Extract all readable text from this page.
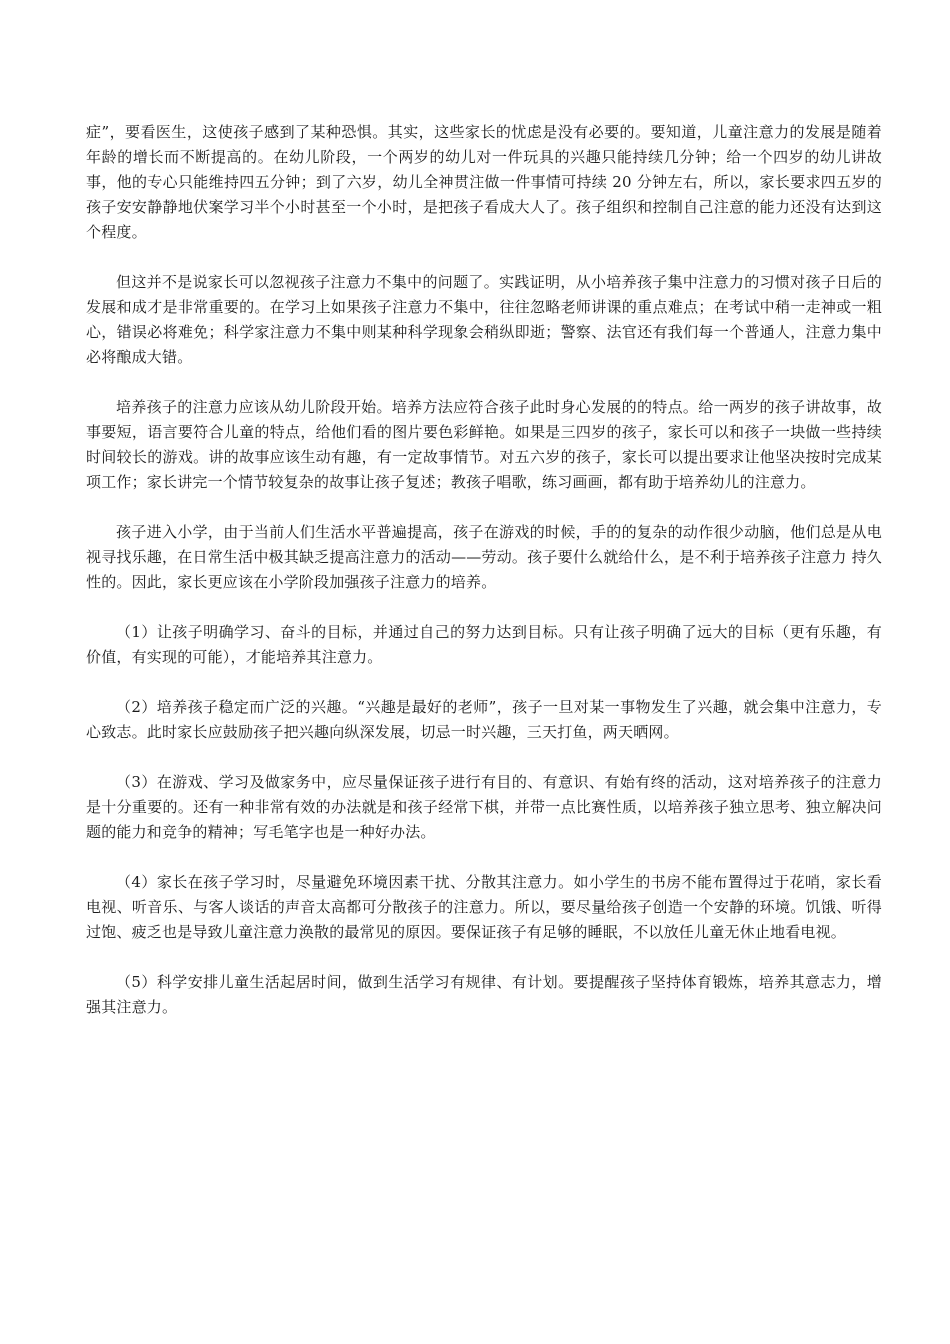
症”，要看医生，这使孩子感到了某种恐惧。其实，这些家长的忧虑是没有必要的。要知道，儿童注意力的发展是随着年龄的增长而不断提高的。在幼儿阶段，一个两岁的幼儿对一件玩具的兴趣只能持续几分钟；给一个四岁的幼儿讲故事，他的专心只能维持四五分钟；到了六岁，幼儿全神贯注做一件事情可持续 20 分钟左右，所以，家长要求四五岁的孩子安安静静地伏案学习半个小时甚至一个小时，是把孩子看成大人了。孩子组织和控制自己注意的能力还没有达到这个程度。

但这并不是说家长可以忽视孩子注意力不集中的问题了。实践证明，从小培养孩子集中注意力的习惯对孩子日后的发展和成才是非常重要的。在学习上如果孩子注意力不集中，往往忽略老师讲课的重点难点；在考试中稍一走神或一粗心，错误必将难免；科学家注意力不集中则某种科学现象会稍纵即逝；警察、法官还有我们每一个普通人，注意力集中必将酿成大错。

培养孩子的注意力应该从幼儿阶段开始。培养方法应符合孩子此时身心发展的的特点。给一两岁的孩子讲故事，故事要短，语言要符合儿童的特点，给他们看的图片要色彩鲜艳。如果是三四岁的孩子，家长可以和孩子一块做一些持续时间较长的游戏。讲的故事应该生动有趣，有一定故事情节。对五六岁的孩子，家长可以提出要求让他坚决按时完成某项工作；家长讲完一个情节较复杂的故事让孩子复述；教孩子唱歌，练习画画，都有助于培养幼儿的注意力。

孩子进入小学，由于当前人们生活水平普遍提高，孩子在游戏的时候，手的的复杂的动作很少动脑，他们总是从电视寻找乐趣，在日常生活中极其缺乏提高注意力的活动——劳动。孩子要什么就给什么，是不利于培养孩子注意力 持久性的。因此，家长更应该在小学阶段加强孩子注意力的培养。

（1）让孩子明确学习、奋斗的目标，并通过自己的努力达到目标。只有让孩子明确了远大的目标（更有乐趣，有价值，有实现的可能），才能培养其注意力。

（2）培养孩子稳定而广泛的兴趣。“兴趣是最好的老师”，孩子一旦对某一事物发生了兴趣，就会集中注意力，专心致志。此时家长应鼓励孩子把兴趣向纵深发展，切忌一时兴趣，三天打鱼，两天晒网。

（3）在游戏、学习及做家务中，应尽量保证孩子进行有目的、有意识、有始有终的活动，这对培养孩子的注意力是十分重要的。还有一种非常有效的办法就是和孩子经常下棋，并带一点比赛性质，以培养孩子独立思考、独立解决问题的能力和竞争的精神；写毛笔字也是一种好办法。

（4）家长在孩子学习时，尽量避免环境因素干扰、分散其注意力。如小学生的书房不能布置得过于花哨，家长看电视、听音乐、与客人谈话的声音太高都可分散孩子的注意力。所以，要尽量给孩子创造一个安静的环境。饥饿、听得过饱、疲乏也是导致儿童注意力涣散的最常见的原因。要保证孩子有足够的睡眠，不以放任儿童无休止地看电视。

（5）科学安排儿童生活起居时间，做到生活学习有规律、有计划。要提醒孩子坚持体育锻炼，培养其意志力，增强其注意力。
